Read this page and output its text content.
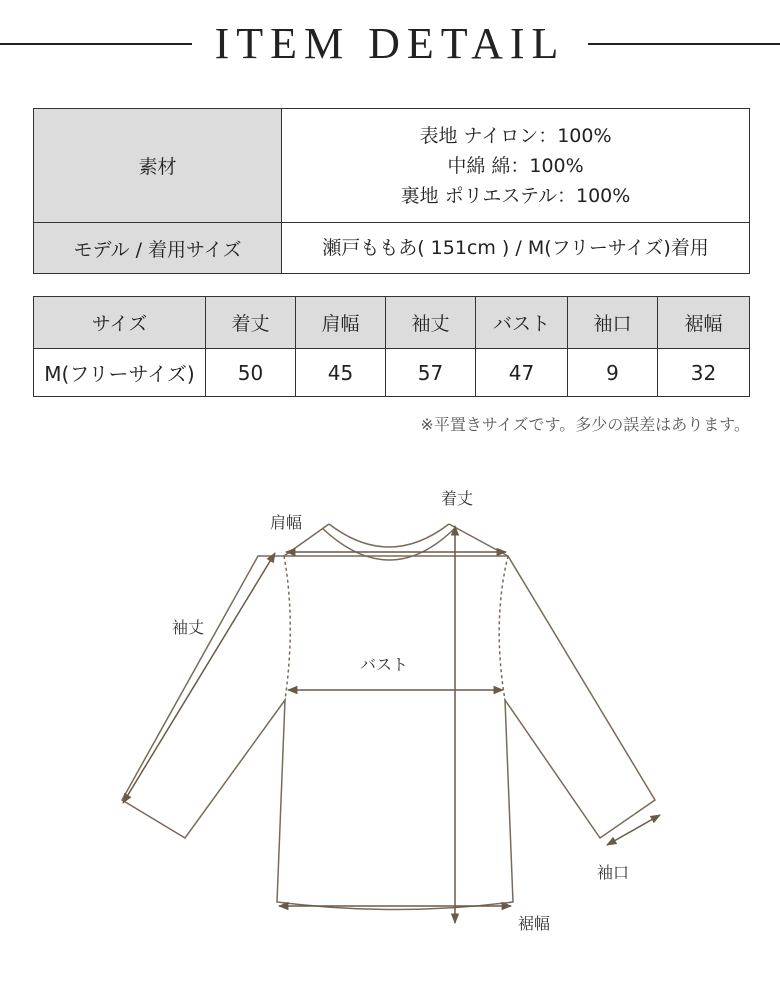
ITEM DETAIL
素材	表地 ナイロン：100%
中綿 綿：100%
裏地 ポリエステル：100%

モデル / 着用サイズ	瀬戸ももあ( 151cm ) / M(フリーサイズ)着用
サイズ	着丈	肩幅	袖丈	バスト	袖口	裾幅
M(フリーサイズ)	50	45	57	47	9	32
※平置きサイズです。多少の誤差はあります。
着丈
肩幅
袖丈
バスト
袖口
裾幅
